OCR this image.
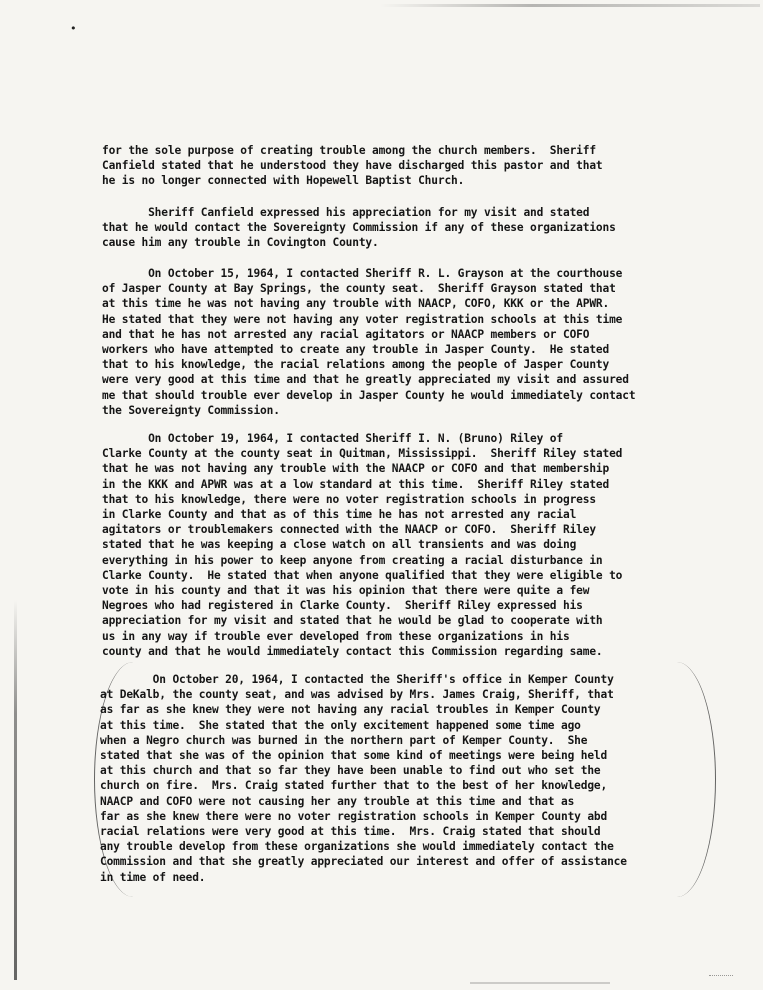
•
for the sole purpose of creating trouble among the church members.  Sheriff
Canfield stated that he understood they have discharged this pastor and that
he is no longer connected with Hopewell Baptist Church.
Sheriff Canfield expressed his appreciation for my visit and stated
that he would contact the Sovereignty Commission if any of these organizations
cause him any trouble in Covington County.
On October 15, 1964, I contacted Sheriff R. L. Grayson at the courthouse
of Jasper County at Bay Springs, the county seat.  Sheriff Grayson stated that
at this time he was not having any trouble with NAACP, COFO, KKK or the APWR.
He stated that they were not having any voter registration schools at this time
and that he has not arrested any racial agitators or NAACP members or COFO
workers who have attempted to create any trouble in Jasper County.  He stated
that to his knowledge, the racial relations among the people of Jasper County
were very good at this time and that he greatly appreciated my visit and assured
me that should trouble ever develop in Jasper County he would immediately contact
the Sovereignty Commission.
On October 19, 1964, I contacted Sheriff I. N. (Bruno) Riley of
Clarke County at the county seat in Quitman, Mississippi.  Sheriff Riley stated
that he was not having any trouble with the NAACP or COFO and that membership
in the KKK and APWR was at a low standard at this time.  Sheriff Riley stated
that to his knowledge, there were no voter registration schools in progress
in Clarke County and that as of this time he has not arrested any racial
agitators or troublemakers connected with the NAACP or COFO.  Sheriff Riley
stated that he was keeping a close watch on all transients and was doing
everything in his power to keep anyone from creating a racial disturbance in
Clarke County.  He stated that when anyone qualified that they were eligible to
vote in his county and that it was his opinion that there were quite a few
Negroes who had registered in Clarke County.  Sheriff Riley expressed his
appreciation for my visit and stated that he would be glad to cooperate with
us in any way if trouble ever developed from these organizations in his
county and that he would immediately contact this Commission regarding same.
On October 20, 1964, I contacted the Sheriff's office in Kemper County
at DeKalb, the county seat, and was advised by Mrs. James Craig, Sheriff, that
as far as she knew they were not having any racial troubles in Kemper County
at this time.  She stated that the only excitement happened some time ago
when a Negro church was burned in the northern part of Kemper County.  She
stated that she was of the opinion that some kind of meetings were being held
at this church and that so far they have been unable to find out who set the
church on fire.  Mrs. Craig stated further that to the best of her knowledge,
NAACP and COFO were not causing her any trouble at this time and that as
far as she knew there were no voter registration schools in Kemper County abd
racial relations were very good at this time.  Mrs. Craig stated that should
any trouble develop from these organizations she would immediately contact the
Commission and that she greatly appreciated our interest and offer of assistance
in time of need.
